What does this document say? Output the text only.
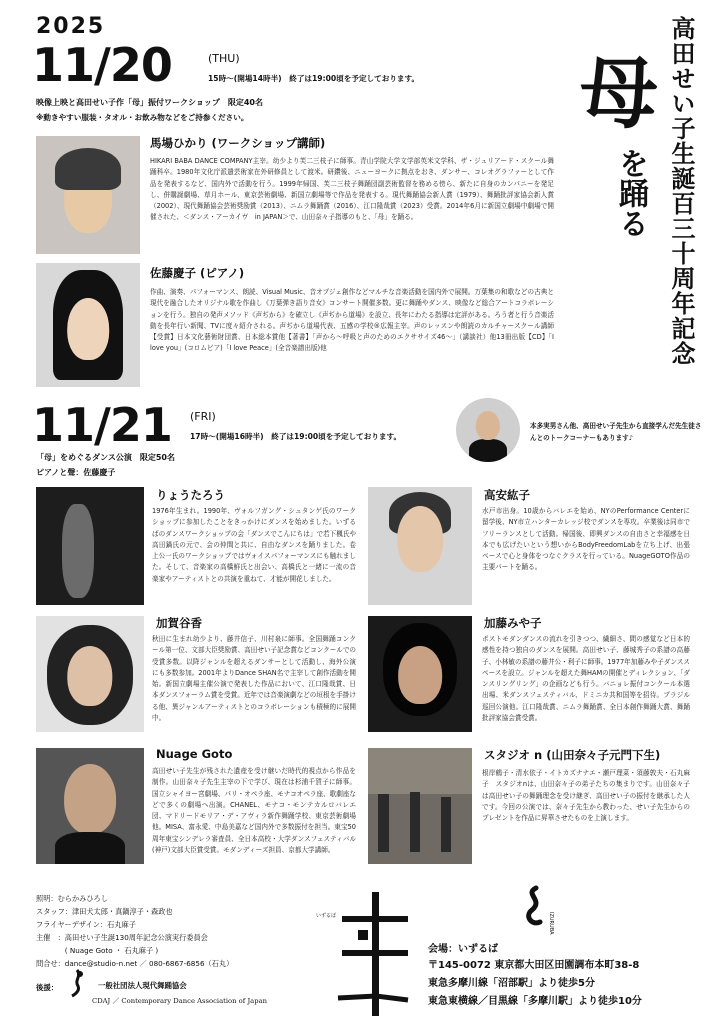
2025
11/20	(THU)
15時〜(開場14時半)　終了は19:00頃を予定しております。
映像上映と高田せい子作「母」振付ワークショップ　限定40名
※動きやすい服装・タオル・お飲み物などをご持参ください。	高田せい子生誕百三十周年記念
母
を踊る
馬場ひかり (ワークショップ講師)
HIKARI BABA DANCE COMPANY主宰。幼少より芙二三枝子に師事。青山学院大学文学部英米文学科、ザ・ジュリアード・スクール舞踊科卒。1980年文化庁派遣芸術家在外研修員として渡米。研鑽後、ニューヨークに拠点をおき、ダンサー、コレオグラファーとして作品を発表するなど、国内外で活動を行う。1999年帰国、芙二三枝子舞踊団副芸術監督を務める傍ら、新たに自身のカンパニーを発足し、併購誕劇場、草月ホール、東京芸術劇場、新国立劇場等で作品を発表する。現代舞踊協会新人賞（1979）、舞踊批評家協会新人賞（2002）、現代舞踊協会芸術奨励賞（2013）、ニムラ舞踊賞（2016）、江口隆哉賞（2023）受賞。2014年6月に新国立劇場中劇場で開催された、＜ダンス・アーカイヴ　in JAPAN＞で、山田奈々子指導のもと、「母」を踊る。
佐藤慶子 (ピアノ)
作曲、演奏、パフォーマンス、朗読、Visual Music、音オブジェ創作などマルチな音楽活動を国内外で展開。万葉集の和歌などの古典と現代を融合したオリジナル歌を作曲し《万葉弾き語り音女》コンサート開催多数。更に舞踊やダンス、映像など総合アートコラボレーションを行う。独自の発声メソッド《声ぢから》を確立し《声ぢから道場》を設立、長年にわたる指導は定評がある。ろう者と行う音楽活動を長年行い新聞、TVに度々紹介される。声ぢから道場代表、五感の学校®広報主宰。声のレッスンや朗読のカルチャースクール講師【受賞】日本文化藝術財団賞、日本総本賞他【著書】「声から〜呼吸と声のためのエクササイズ46〜」（講談社）他13冊出版【CD】「I love you」(コロムビア)「I love Peace」(全音楽譜出版)他
11/21 (FRI)
17時〜(開場16時半)　終了は19:00頃を予定しております。
「母」をめぐるダンス公演　限定50名
ピアノと聲：佐藤慶子
本多実男さん他、高田せい子先生から直接学んだ先生徒さんとのトークコーナーもあります♪
りょうたろう
1976年生まれ。1990年、ヴォルフガング・シュタンゲ氏のワークショップに参加したことをきっかけにダンスを始めました。いずるばのダンスワークショップの会「ダンスでこんにちは」で若下楓氏や高田鍋氏の元で、会の仲間と共に、自由なダンスを踊りました。卷上公一氏のワークショップではヴォイスパフォーマンスにも触れました。そして、音楽家の高橋鮮氏と出会い、高橋氏と一緒に一流の音楽家やアーティストとの共演を重ねて、才能が開花しました。
高安紘子
水戸市出身。10歳からバレエを始め、NYのPerformance Centerに留学後、NY市立ハンターカレッジ校でダンスを専攻。卒業後は同市でフリーランスとして活動。帰国後、即興ダンスの自由さと幸福感を日本でも広げたいという想いからBodyFreedomLabを立ち上げ、出張ベースで心と身体をつなぐクラスを行っている。NuageGOTO作品の主要パートを踊る。
加賀谷香
秋田に生まれ幼少より、藤井信子、川村泉に師事。全国舞踊コンクール第一位、文部大臣奨励賞、高田せい子記念賞などコンクールでの受賞多数。以降ジャンルを超えるダンサーとして活動し、海外公演にも多数参加。2001年よりDance SHAN名で主宰して創作活動を開始。新国立劇場主催公演で発表した作品において、江口隆哉賞、日本ダンスフォーラム賞を受賞。近年では音楽演劇などの垣根を手掛ける他、異ジャンルアーティストとのコラボレーションも積極的に展開中。
加藤みや子
ポストモダンダンスの流れを引きつつ、繊細さ、間の感覚など日本的感性を持つ独自のダンスを展開。高田せい子、藤城秀子の系譜の高藤子、小林敏の系譜の藤井公・利子に師事。1977年加藤みや子ダンススペースを設立。ジャンルを超えた舞HAMの開催とディレクション、「ダンスリングリング」の企画なども行う。バニョレ振付コンクール本選出場、米ダンスフェスティバル、ドミニカ共和国等を招待。ブラジル巡回公演他。江口隆哉賞、ニムラ舞踊賞、全日本創作舞踊大賞、舞踊批評家協会賞受賞。
Nuage Goto
高田せい子先生が残された遺産を受け継いだ時代的視点から作品を制作。山田奈々子先生主宰の下で学び、現在は杉浦千賀子に師事。国立シャイヨー宮劇場、パリ・オペラ座、モナコオペラ座、歌劇座などで多くの劇場へ出演。CHANEL、モナコ・モンテカルロバレエ団、マドリードモリア・デ・アヴィラ新作舞踊学校、東京芸術劇場他。MISA、富永愛、中島美嘉など国内外で多数振付を担当。東宝50周年東宝シンデレラ審査員、全日本高校・大学ダンスフェスティバル(神戸)文部大臣賞受賞。モダンディーズ担員、京都大学講師。
スタジオ n (山田奈々子元門下生)
根岸鶴子・清水依子・イトカズナナエ・瀬戸理菜・須藤敦夫・石丸麻子　スタジオnは、山田奈々子の弟子たちの集まりです。山田奈々子は高田せい子の舞踊理念を受け継ぎ、高田せい子の振付を継承した人です。今回の公演では、奈々子先生から教わった、せい子先生からのプレゼントを作品に昇華させたものを上演します。
照明：むらかみひろし
スタッフ：津田犬太郎・真鍋淳子・森政也
フライヤーデザイン：石丸麻子
主催　：高田せい子生誕130周年記念公演実行委員会
　　　　( Nuage Goto ・ 石丸麻子 )
問合せ：dance@studio-n.net ／ 080-6867-6856（石丸）
後援：	一般社団法人現代舞踊協会
CDAJ ／ Contemporary Dance Association of Japan
いずるば	IZURUBA
会場：いずるば
〒145-0072 東京都大田区田園調布本町38-8
東急多摩川線「沼部駅」より徒歩5分
東急東横線／目黒線「多摩川駅」より徒歩10分
